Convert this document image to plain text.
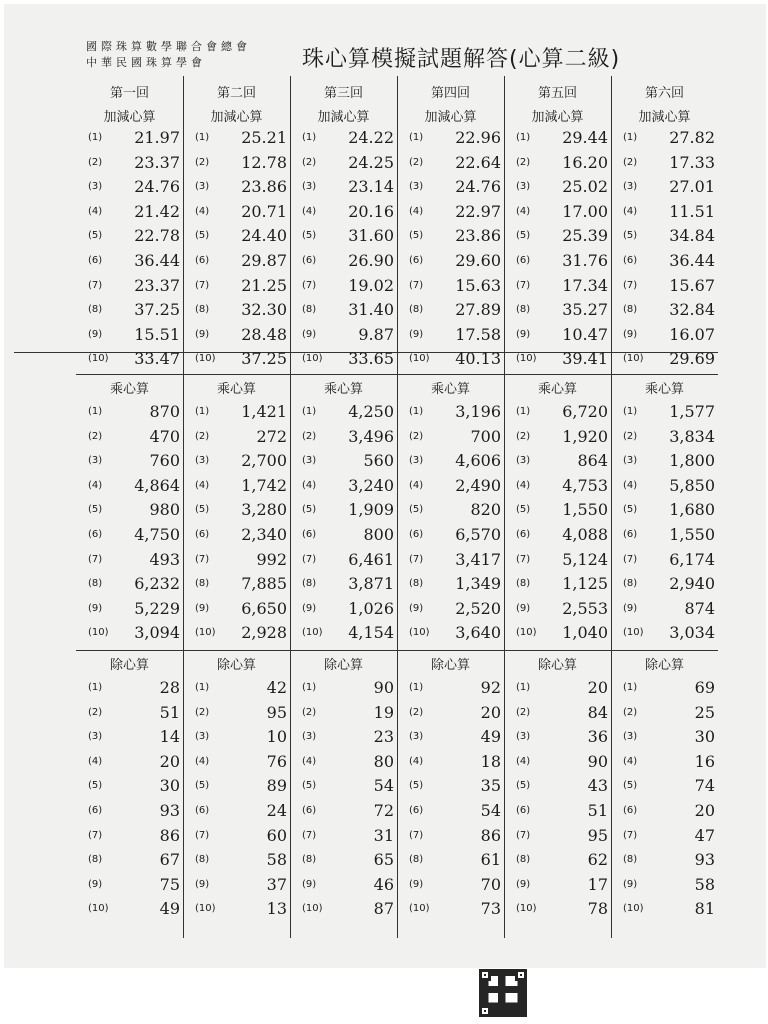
國際珠算數學聯合會總會
中華民國珠算學會	珠心算模擬試題解答(心算二級)
第一回
加減心算
(1) 21.97
(2) 23.37
(3) 24.76
(4) 21.42
(5) 22.78
(6) 36.44
(7) 23.37
(8) 37.25
(9) 15.51
(10) 33.47
乘心算
(1)	870
(2)	470
(3)	760
(4) 4,864
(5)	980
(6) 4,750
(7)	493
(8) 6,232
(9) 5,229
(10) 3,094
除心算
(1)	28
(2)	51
(3)	14
(4)	20
(5)	30
(6)	93
(7)	86
(8)	67
(9)	75
(10)	49
第二回
加減心算
(1) 25.21
(2) 12.78
(3) 23.86
(4) 20.71
(5) 24.40
(6) 29.87
(7) 21.25
(8) 32.30
(9) 28.48
(10) 37.25
乘心算
(1) 1,421
(2)	272
(3) 2,700
(4) 1,742
(5) 3,280
(6) 2,340
(7)	992
(8) 7,885
(9) 6,650
(10) 2,928
除心算
(1)	42
(2)	95
(3)	10
(4)	76
(5)	89
(6)	24
(7)	60
(8)	58
(9)	37
(10)	13
第三回
加減心算
(1) 24.22
(2) 24.25
(3) 23.14
(4) 20.16
(5) 31.60
(6) 26.90
(7) 19.02
(8) 31.40
(9)	9.87
(10) 33.65
乘心算
(1) 4,250
(2) 3,496
(3)	560
(4) 3,240
(5) 1,909
(6)	800
(7) 6,461
(8) 3,871
(9) 1,026
(10) 4,154
除心算
(1)	90
(2)	19
(3)	23
(4)	80
(5)	54
(6)	72
(7)	31
(8)	65
(9)	46
(10)	87
第四回
加減心算
(1) 22.96
(2) 22.64
(3) 24.76
(4) 22.97
(5) 23.86
(6) 29.60
(7) 15.63
(8) 27.89
(9) 17.58
(10) 40.13
乘心算
(1) 3,196
(2)	700
(3) 4,606
(4) 2,490
(5)	820
(6) 6,570
(7) 3,417
(8) 1,349
(9) 2,520
(10) 3,640
除心算
(1)	92
(2)	20
(3)	49
(4)	18
(5)	35
(6)	54
(7)	86
(8)	61
(9)	70
(10)	73
第五回
加減心算
(1) 29.44
(2) 16.20
(3) 25.02
(4) 17.00
(5) 25.39
(6) 31.76
(7) 17.34
(8) 35.27
(9) 10.47
(10) 39.41
乘心算
(1) 6,720
(2) 1,920
(3)	864
(4) 4,753
(5) 1,550
(6) 4,088
(7) 5,124
(8) 1,125
(9) 2,553
(10) 1,040
除心算
(1)	20
(2)	84
(3)	36
(4)	90
(5)	43
(6)	51
(7)	95
(8)	62
(9)	17
(10)	78
第六回
加減心算
(1) 27.82
(2) 17.33
(3) 27.01
(4) 11.51
(5) 34.84
(6) 36.44
(7) 15.67
(8) 32.84
(9) 16.07
(10) 29.69
乘心算
(1) 1,577
(2) 3,834
(3) 1,800
(4) 5,850
(5) 1,680
(6) 1,550
(7) 6,174
(8) 2,940
(9)	874
(10) 3,034
除心算
(1)	69
(2)	25
(3)	30
(4)	16
(5)	74
(6)	20
(7)	47
(8)	93
(9)	58
(10)	81
